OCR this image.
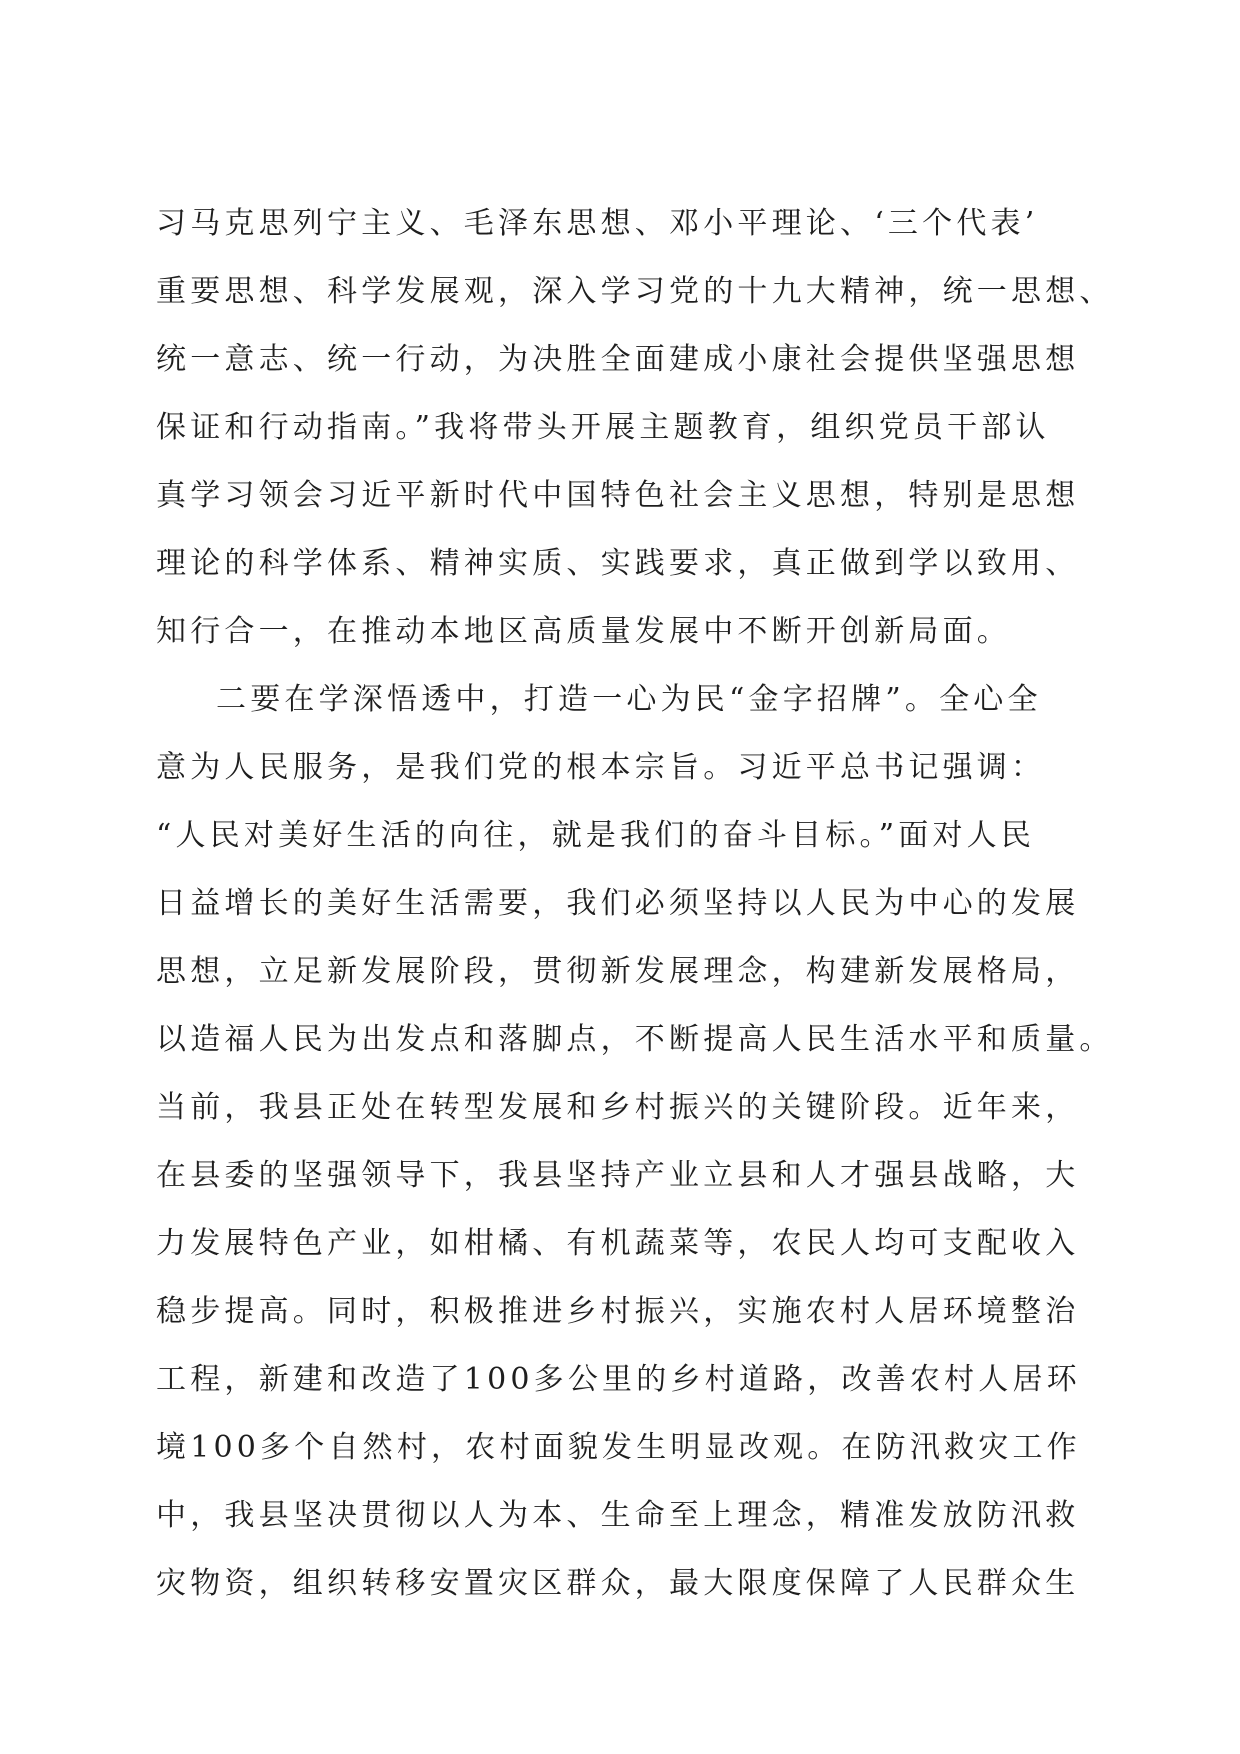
习马克思列宁主义、毛泽东思想、邓小平理论、‘三个代表’
重要思想、科学发展观，深入学习党的十九大精神，统一思想、
统一意志、统一行动，为决胜全面建成小康社会提供坚强思想
保证和行动指南。”我将带头开展主题教育，组织党员干部认
真学习领会习近平新时代中国特色社会主义思想，特别是思想
理论的科学体系、精神实质、实践要求，真正做到学以致用、
知行合一，在推动本地区高质量发展中不断开创新局面。
二要在学深悟透中，打造一心为民“金字招牌”。全心全
意为人民服务，是我们党的根本宗旨。习近平总书记强调：
“人民对美好生活的向往，就是我们的奋斗目标。”面对人民
日益增长的美好生活需要，我们必须坚持以人民为中心的发展
思想，立足新发展阶段，贯彻新发展理念，构建新发展格局，
以造福人民为出发点和落脚点，不断提高人民生活水平和质量。
当前，我县正处在转型发展和乡村振兴的关键阶段。近年来，
在县委的坚强领导下，我县坚持产业立县和人才强县战略，大
力发展特色产业，如柑橘、有机蔬菜等，农民人均可支配收入
稳步提高。同时，积极推进乡村振兴，实施农村人居环境整治
工程，新建和改造了100多公里的乡村道路，改善农村人居环
境100多个自然村，农村面貌发生明显改观。在防汛救灾工作
中，我县坚决贯彻以人为本、生命至上理念，精准发放防汛救
灾物资，组织转移安置灾区群众，最大限度保障了人民群众生
